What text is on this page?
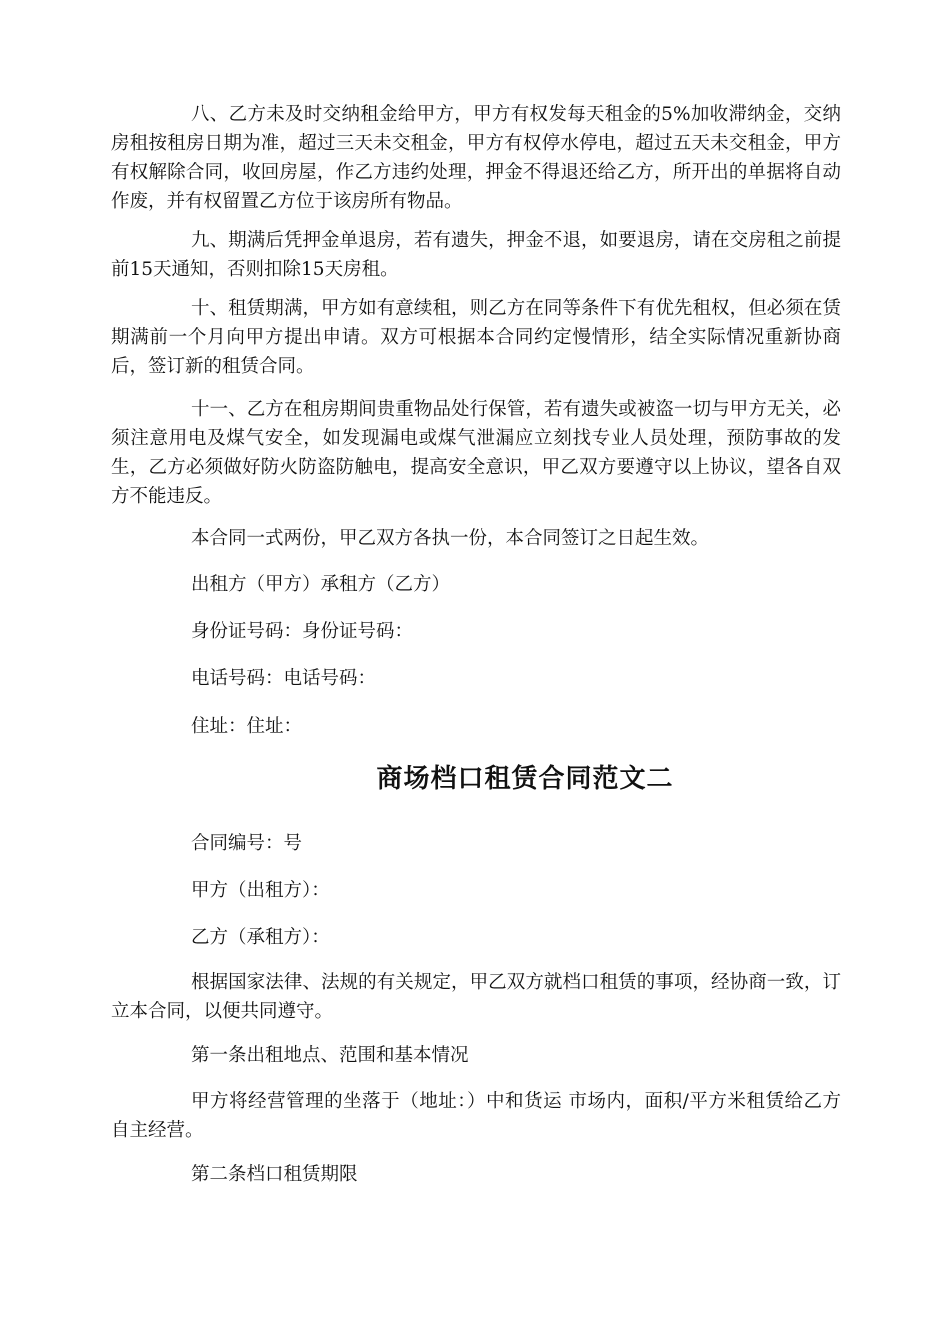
八、乙方未及时交纳租金给甲方，甲方有权发每天租金的5%加收滞纳金，交纳房租按租房日期为准，超过三天未交租金，甲方有权停水停电，超过五天未交租金，甲方有权解除合同，收回房屋，作乙方违约处理，押金不得退还给乙方，所开出的单据将自动作废，并有权留置乙方位于该房所有物品。

九、期满后凭押金单退房，若有遗失，押金不退，如要退房，请在交房租之前提前15天通知，否则扣除15天房租。

十、租赁期满，甲方如有意续租，则乙方在同等条件下有优先租权，但必须在赁期满前一个月向甲方提出申请。双方可根据本合同约定慢情形，结全实际情况重新协商后，签订新的租赁合同。

十一、乙方在租房期间贵重物品处行保管，若有遗失或被盗一切与甲方无关，必须注意用电及煤气安全，如发现漏电或煤气泄漏应立刻找专业人员处理，预防事故的发生，乙方必须做好防火防盗防触电，提高安全意识，甲乙双方要遵守以上协议，望各自双方不能违反。

本合同一式两份，甲乙双方各执一份，本合同签订之日起生效。

出租方（甲方）承租方（乙方）

身份证号码：身份证号码：

电话号码：电话号码：

住址：住址：

商场档口租赁合同范文二

合同编号：号

甲方（出租方）：

乙方（承租方）：

根据国家法律、法规的有关规定，甲乙双方就档口租赁的事项，经协商一致，订立本合同，以便共同遵守。

第一条出租地点、范围和基本情况

甲方将经营管理的坐落于（地址：）中和货运 市场内，面积/平方米租赁给乙方自主经营。

第二条档口租赁期限
